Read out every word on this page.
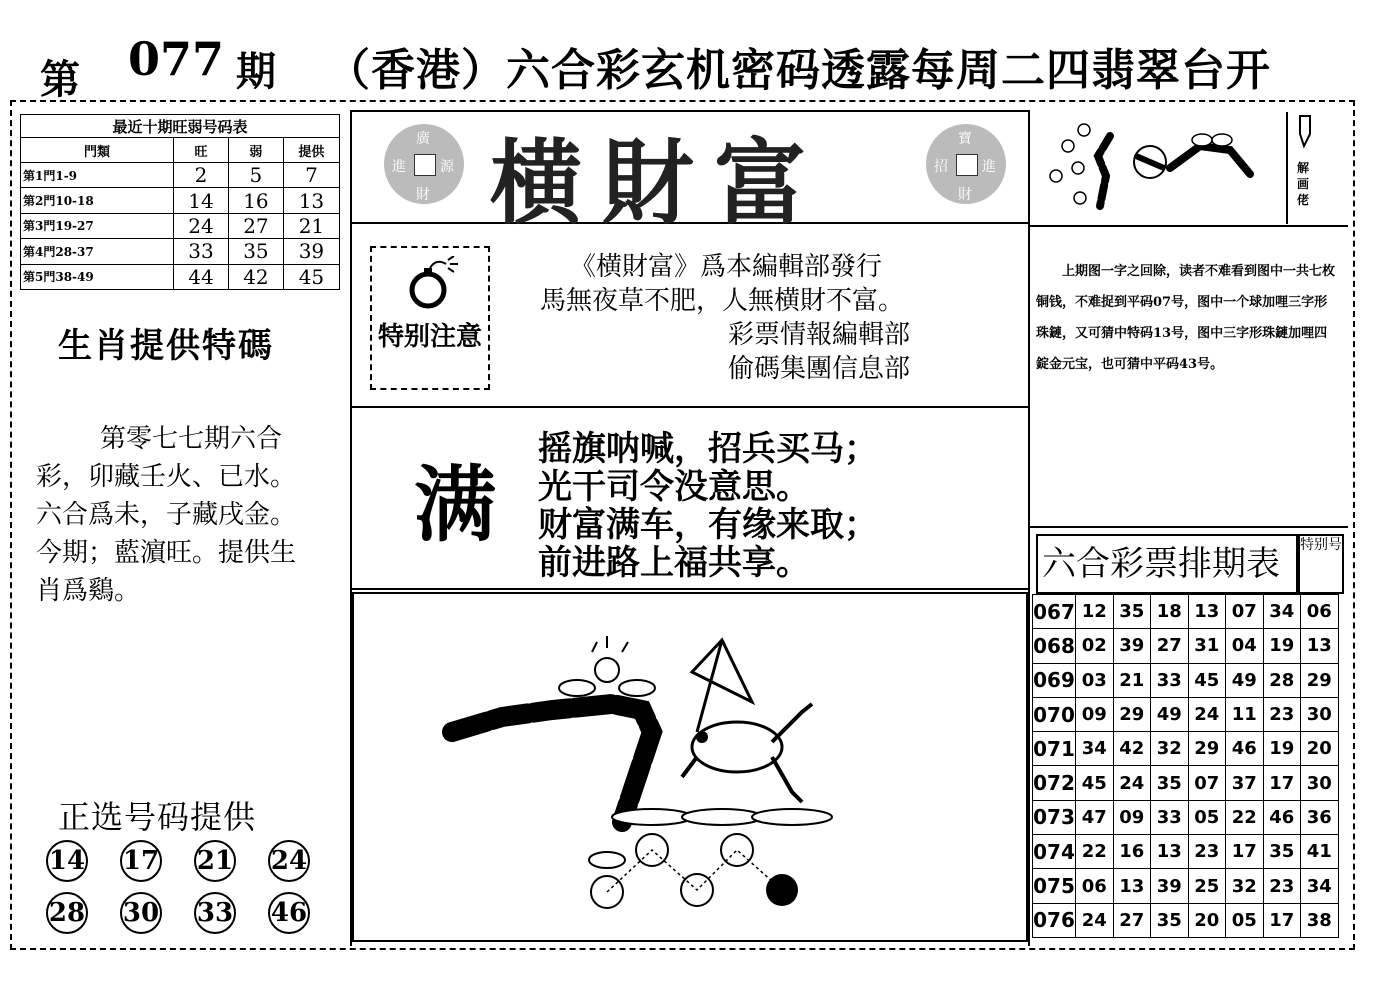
第 077 期 （香港）六合彩玄机密码透露每周二四翡翠台开
最近十期旺弱号码表			
門類	旺	弱	提供
第1門1-9	2	5	7
第2門10-18	14	16	13
第3門19-27	24	27	21
第4門28-37	33	35	39
第5門38-49	44	42	45
生肖提供特碼
第零七七期六合彩，卯藏壬火、已水。六合爲未，子藏戌金。今期；藍濵旺。提供生肖爲鷄。
正选号码提供
14 17 21 24
28 30 33 46
廣
源
財
進 横財富	寶
進
財
招
特别注意
《横財富》爲本編輯部發行
馬無夜草不肥，人無横財不富。
彩票情報編輯部
偷碼集團信息部
满
摇旗呐喊，招兵买马；
光干司令没意思。
财富满车，有缘来取；
前进路上福共享。
解画佬
上期图一字之回除，读者不难看到图中一共七枚铜钱，不难捉到平码07号，图中一个球加哩三字形珠鏈，又可猜中特码13号，图中三字形珠鏈加哩四錠金元宝，也可猜中平码43号。
六合彩票排期表	特别号
067	12	35	18	13	07	34	06
068	02	39	27	31	04	19	13
069	03	21	33	45	49	28	29
070	09	29	49	24	11	23	30
071	34	42	32	29	46	19	20
072	45	24	35	07	37	17	30
073	47	09	33	05	22	46	36
074	22	16	13	23	17	35	41
075	06	13	39	25	32	23	34
076	24	27	35	20	05	17	38
